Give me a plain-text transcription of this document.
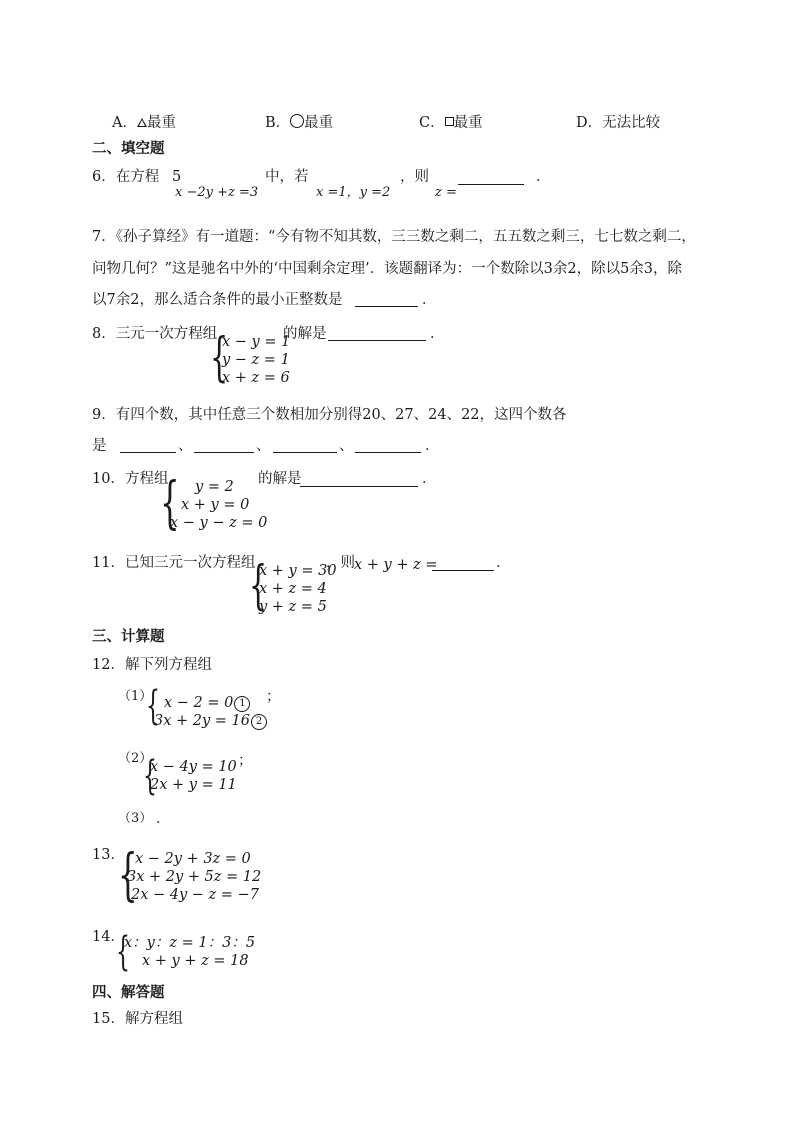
A． 最重	B． 最重	C． 最重	D．无法比较
二、填空题
6．在方程 5
x −2y +z =3
中，若
x =1，y =2
，则
z =
．
7．《孙子算经》有一道题：“今有物不知其数，三三数之剩二，五五数之剩三，七七数之剩二，
问物几何？”这是驰名中外的‘中国剩余定理’．该题翻译为：一个数除以3余2，除以5余3，除
以7余2，那么适合条件的最小正整数是	．
8．三元一次方程组
{
x − y = 1
y − z = 1
x + z = 6
的解是	．
9．有四个数，其中任意三个数相加分别得20、27、24、22，这四个数各
是	、	、	、	．
10．方程组
{	y = 2
x + y = 0
x − y − z = 0
的解是	．
11．已知三元一次方程组
{
x + y = 30
x + z = 4
y + z = 5
，则 x + y + z =	．
三、计算题
12．解下列方程组
（1）
{ x − 2 = 0 1
3x + 2y = 16 2
；
（2）
{
x − 4y = 10
2x + y = 11
；
（3） ．
13．
{
x − 2y + 3z = 0
3x + 2y + 5z = 12
2x − 4y − z = −7
14．
{
x：y：z = 1：3：5
x + y + z = 18
四、解答题
15．解方程组
